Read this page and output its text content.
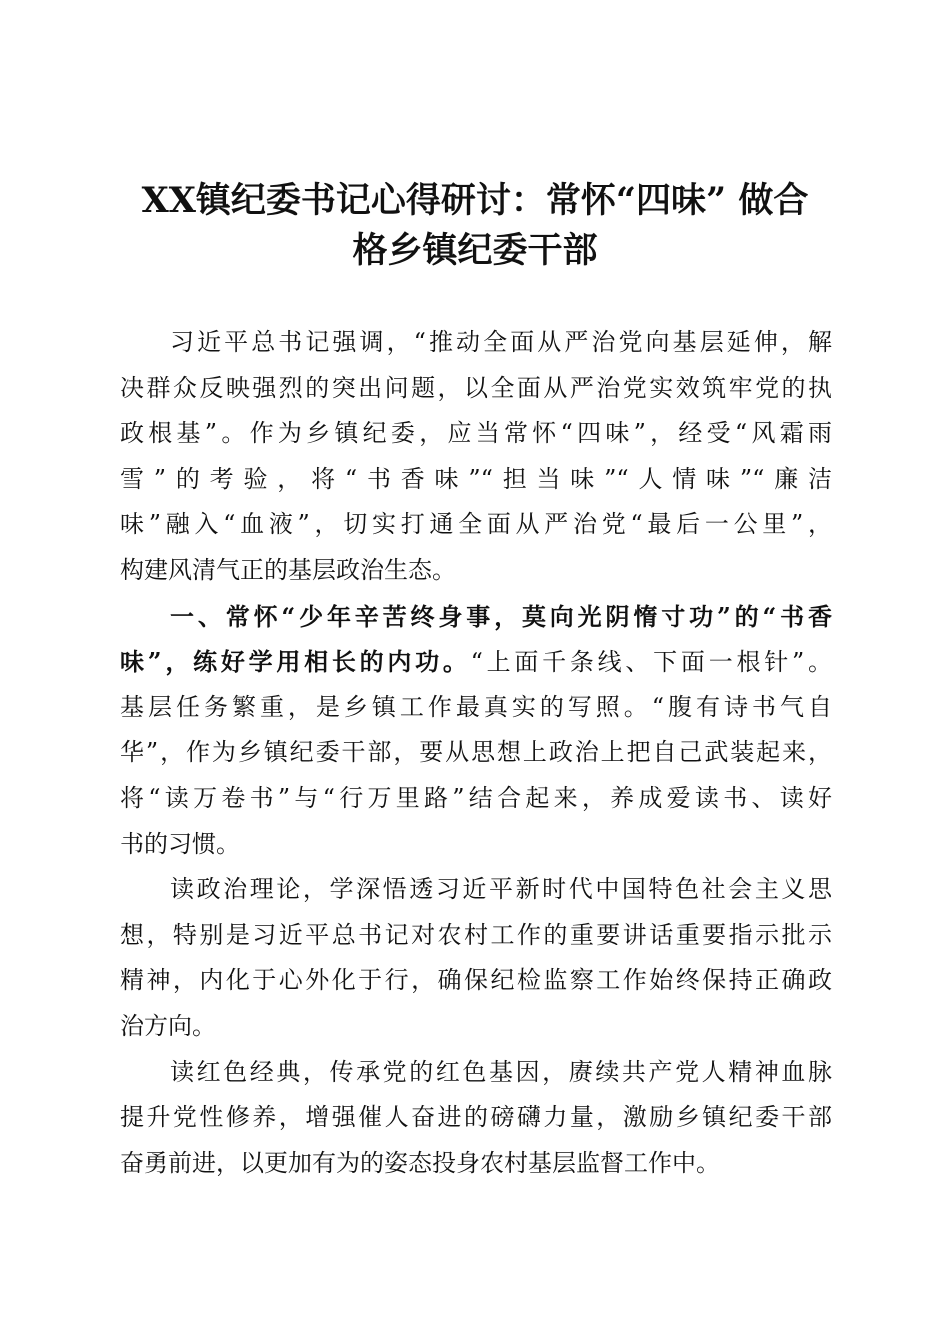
XX镇纪委书记心得研讨：常怀“四味” 做合
格乡镇纪委干部
习近平总书记强调，“推动全面从严治党向基层延伸，解
决群众反映强烈的突出问题，以全面从严治党实效筑牢党的执
政根基”。作为乡镇纪委，应当常怀“四味”，经受“风霜雨
雪”的考验，将“书香味”“担当味”“人情味”“廉洁
味”融入“血液”，切实打通全面从严治党“最后一公里”，
构建风清气正的基层政治生态。
一、常怀“少年辛苦终身事，莫向光阴惰寸功”的“书香
味”，练好学用相长的内功。“上面千条线、下面一根针”。
基层任务繁重，是乡镇工作最真实的写照。“腹有诗书气自
华”，作为乡镇纪委干部，要从思想上政治上把自己武装起来，
将“读万卷书”与“行万里路”结合起来，养成爱读书、读好
书的习惯。
读政治理论，学深悟透习近平新时代中国特色社会主义思
想，特别是习近平总书记对农村工作的重要讲话重要指示批示
精神，内化于心外化于行，确保纪检监察工作始终保持正确政
治方向。
读红色经典，传承党的红色基因，赓续共产党人精神血脉
提升党性修养，增强催人奋进的磅礴力量，激励乡镇纪委干部
奋勇前进，以更加有为的姿态投身农村基层监督工作中。
